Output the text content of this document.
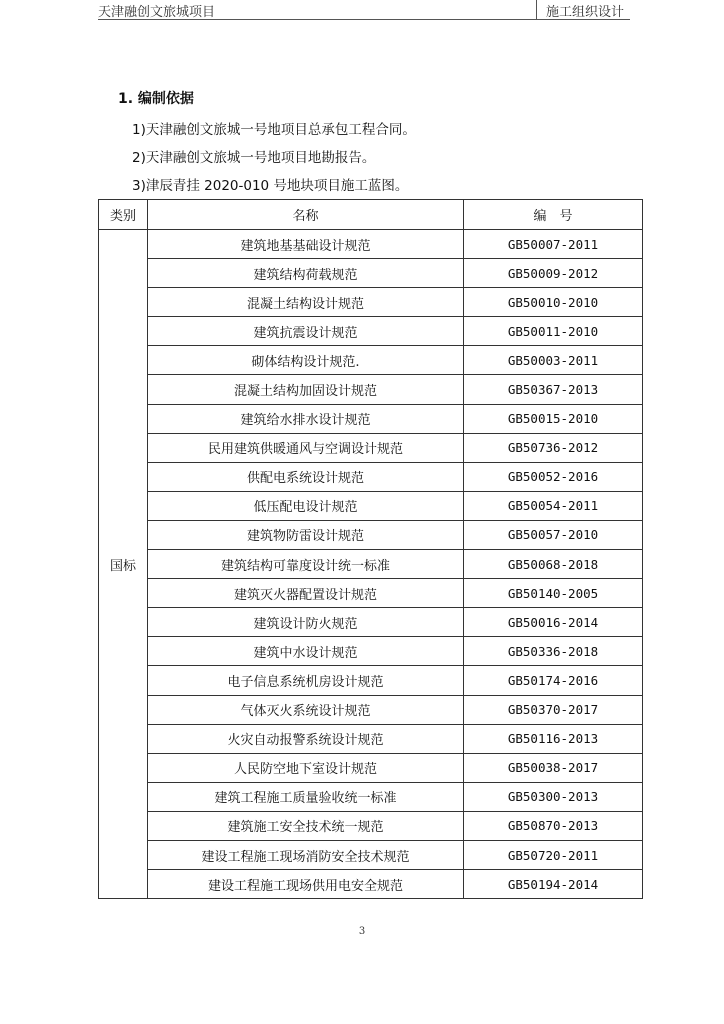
天津融创文旅城项目	施工组织设计
1. 编制依据
1)天津融创文旅城一号地项目总承包工程合同。
2)天津融创文旅城一号地项目地勘报告。
3)津辰青挂 2020-010 号地块项目施工蓝图。
类别	名称	编　号
国标	建筑地基基础设计规范	GB50007-2011
	建筑结构荷载规范	GB50009-2012
	混凝土结构设计规范	GB50010-2010
	建筑抗震设计规范	GB50011-2010
	砌体结构设计规范.	GB50003-2011
	混凝土结构加固设计规范	GB50367-2013
	建筑给水排水设计规范	GB50015-2010
	民用建筑供暖通风与空调设计规范	GB50736-2012
	供配电系统设计规范	GB50052-2016
	低压配电设计规范	GB50054-2011
	建筑物防雷设计规范	GB50057-2010
	建筑结构可靠度设计统一标准	GB50068-2018
	建筑灭火器配置设计规范	GB50140-2005
	建筑设计防火规范	GB50016-2014
	建筑中水设计规范	GB50336-2018
	电子信息系统机房设计规范	GB50174-2016
	气体灭火系统设计规范	GB50370-2017
	火灾自动报警系统设计规范	GB50116-2013
	人民防空地下室设计规范	GB50038-2017
	建筑工程施工质量验收统一标准	GB50300-2013
	建筑施工安全技术统一规范	GB50870-2013
	建设工程施工现场消防安全技术规范	GB50720-2011
	建设工程施工现场供用电安全规范	GB50194-2014
3
